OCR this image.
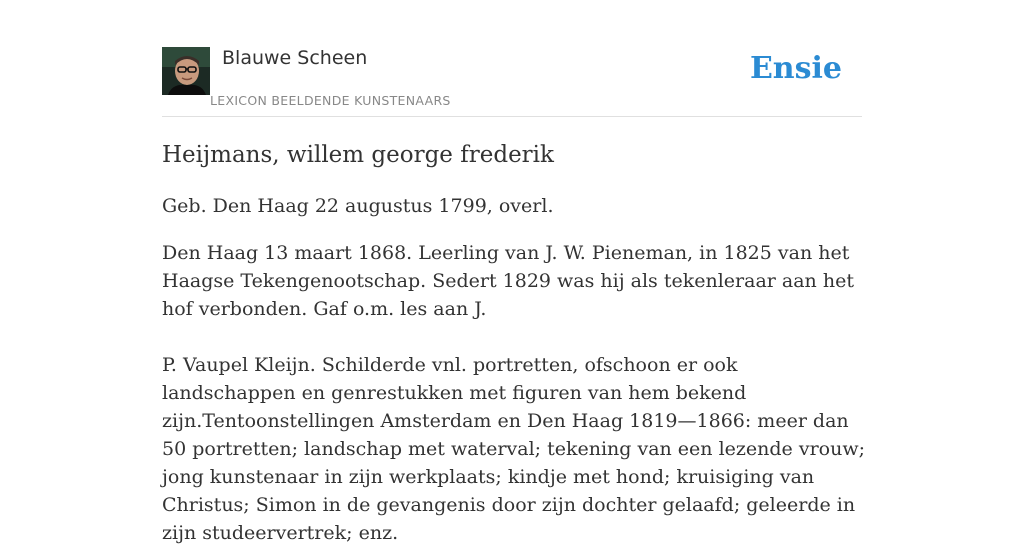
Blauwe Scheen
LEXICON BEELDENDE KUNSTENAARS
Ensie
Heijmans, willem george frederik

Geb. Den Haag 22 augustus 1799, overl.

Den Haag 13 maart 1868. Leerling van J. W. Pieneman, in 1825 van het Haagse Tekengenootschap. Sedert 1829 was hij als tekenleraar aan het hof verbonden. Gaf o.m. les aan J.

P. Vaupel Kleijn. Schilderde vnl. portretten, ofschoon er ook landschappen en genrestukken met figuren van hem bekend zijn.Tentoonstellingen Amsterdam en Den Haag 1819—1866: meer dan 50 portretten; landschap met waterval; tekening van een lezende vrouw; jong kunstenaar in zijn werkplaats; kindje met hond; kruisiging van Christus; Simon in de gevangenis door zijn dochter gelaafd; geleerde in zijn studeervertrek; enz.
